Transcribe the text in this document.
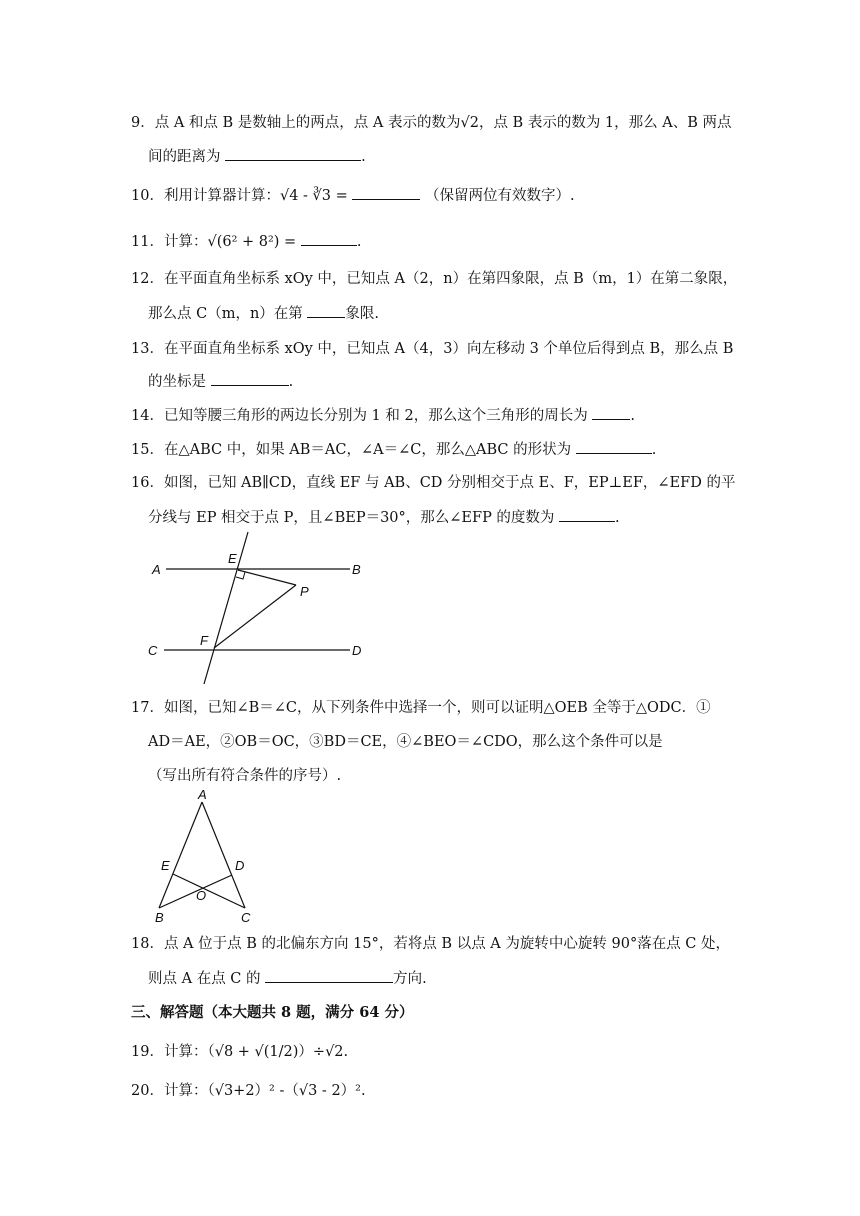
9．点 A 和点 B 是数轴上的两点，点 A 表示的数为√2，点 B 表示的数为 1，那么 A、B 两点
间的距离为	.
10．利用计算器计算：√4 - ∛3 =	（保留两位有效数字）.
11．计算：√(6² + 8²) =	.
12．在平面直角坐标系 xOy 中，已知点 A（2，n）在第四象限，点 B（m，1）在第二象限，
那么点 C（m，n）在第	象限.
13．在平面直角坐标系 xOy 中，已知点 A（4，3）向左移动 3 个单位后得到点 B，那么点 B
的坐标是	.
14．已知等腰三角形的两边长分别为 1 和 2，那么这个三角形的周长为	.
15．在△ABC 中，如果 AB＝AC，∠A＝∠C，那么△ABC 的形状为	.
16．如图，已知 AB∥CD，直线 EF 与 AB、CD 分别相交于点 E、F，EP⊥EF，∠EFD 的平
分线与 EP 相交于点 P，且∠BEP＝30°，那么∠EFP 的度数为	.
A	B
C	D
E
F
P
17．如图，已知∠B＝∠C，从下列条件中选择一个，则可以证明△OEB 全等于△ODC．①
AD＝AE，②OB＝OC，③BD＝CE，④∠BEO＝∠CDO，那么这个条件可以是
（写出所有符合条件的序号）.
A
B	C
D
E
O
18．点 A 位于点 B 的北偏东方向 15°，若将点 B 以点 A 为旋转中心旋转 90°落在点 C 处，
则点 A 在点 C 的	方向.
三、解答题（本大题共 8 题，满分 64 分）
19．计算：（√8 + √(1/2)）÷√2.
20．计算：（√3+2）² -（√3 - 2）².
